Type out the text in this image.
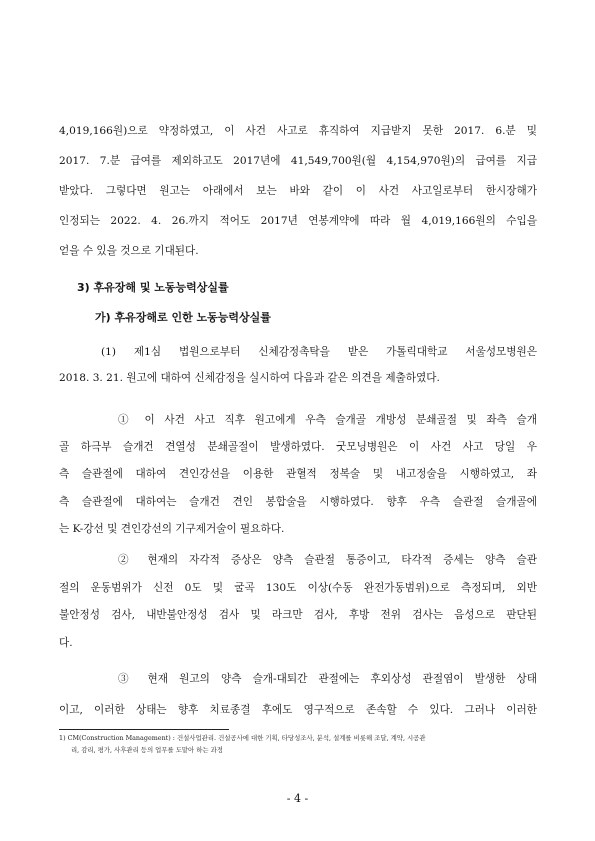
4,019,166원)으로 약정하였고, 이 사건 사고로 휴직하여 지급받지 못한 2017. 6.분 및
2017. 7.분 급여를 제외하고도 2017년에 41,549,700원(월 4,154,970원)의 급여를 지급
받았다. 그렇다면 원고는 아래에서 보는 바와 같이 이 사건 사고일로부터 한시장해가
인정되는 2022. 4. 26.까지 적어도 2017년 연봉계약에 따라 월 4,019,166원의 수입을
얻을 수 있을 것으로 기대된다.
3) 후유장해 및 노동능력상실률
가) 후유장해로 인한 노동능력상실률
(1) 제1심 법원으로부터 신체감정촉탁을 받은 가톨릭대학교 서울성모병원은
2018. 3. 21. 원고에 대하여 신체감정을 실시하여 다음과 같은 의견을 제출하였다.
① 이 사건 사고 직후 원고에게 우측 슬개골 개방성 분쇄골절 및 좌측 슬개
골 하극부 슬개건 견열성 분쇄골절이 발생하였다. 굿모닝병원은 이 사건 사고 당일 우
측 슬관절에 대하여 견인강선을 이용한 관혈적 정복술 및 내고정술을 시행하였고, 좌
측 슬관절에 대하여는 슬개건 견인 봉합술을 시행하였다. 향후 우측 슬관절 슬개골에
는 K-강선 및 견인강선의 기구제거술이 필요하다.
② 현재의 자각적 증상은 양측 슬관절 통증이고, 타각적 증세는 양측 슬관
절의 운동범위가 신전 0도 및 굴곡 130도 이상(수동 완전가동범위)으로 측정되며, 외반
불안정성 검사, 내반불안정성 검사 및 라크만 검사, 후방 전위 검사는 음성으로 판단된
다.
③ 현재 원고의 양측 슬개-대퇴간 관절에는 후외상성 관절염이 발생한 상태
1) CM(Construction Management) : 건설사업관리. 건설공사에 대한 기획, 타당성조사, 분석, 설계를 비롯해 조달, 계약, 시공관
리, 감리, 평가, 사후관리 등의 업무를 도맡아 하는 과정
- 4 -
이고, 이러한 상태는 향후 치료종결 후에도 영구적으로 존속할 수 있다. 그러나 이러한
